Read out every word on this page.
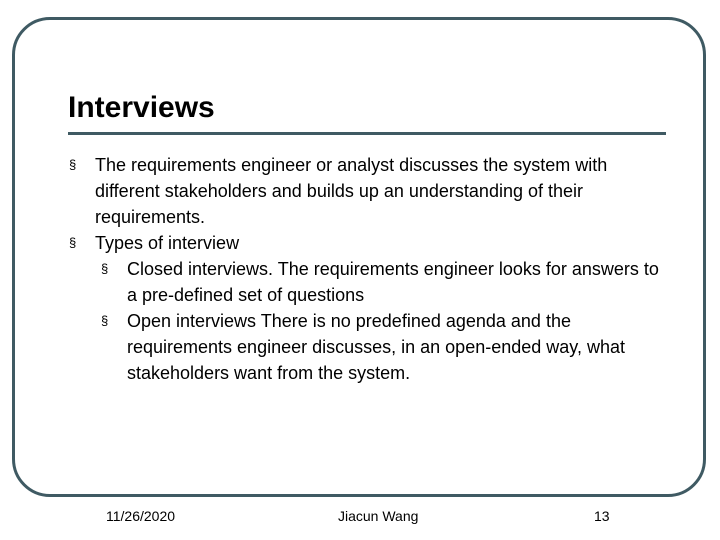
Interviews

§ The requirements engineer or analyst discusses the system with different stakeholders and builds up an understanding of their requirements.

§ Types of interview

§ Closed interviews. The requirements engineer looks for answers to a pre-defined set of questions

§ Open interviews There is no predefined agenda and the requirements engineer discusses, in an open-ended way, what stakeholders want from the system.

11/26/2020	Jiacun Wang	13
